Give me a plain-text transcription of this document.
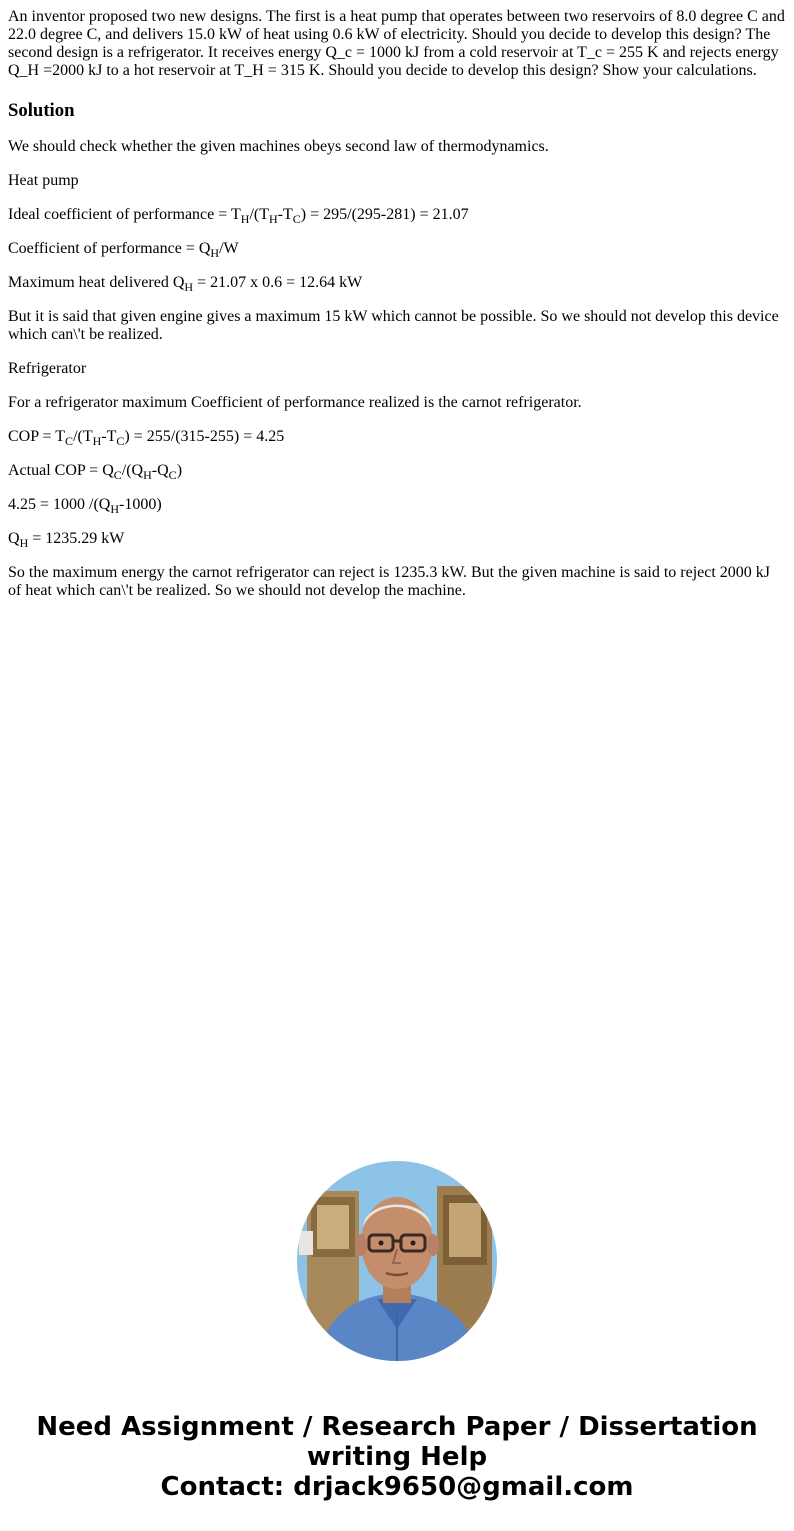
An inventor proposed two new designs. The first is a heat pump that operates between two reservoirs of 8.0 degree C and 22.0 degree C, and delivers 15.0 kW of heat using 0.6 kW of electricity. Should you decide to develop this design? The second design is a refrigerator. It receives energy Q_c = 1000 kJ from a cold reservoir at T_c = 255 K and rejects energy Q_H =2000 kJ to a hot reservoir at T_H = 315 K. Should you decide to develop this design? Show your calculations.

Solution

We should check whether the given machines obeys second law of thermodynamics.

Heat pump

Ideal coefficient of performance = $T_H/(T_H-T_C) = 295/(295-281) = 21.07$

Coefficient of performance = $Q_H/W$

Maximum heat delivered $Q_H = 21.07$ x 0.6 = 12.64 kW

But it is said that given engine gives a maximum 15 kW which cannot be possible. So we should not develop this device which can\'t be realized.

Refrigerator

For a refrigerator maximum Coefficient of performance realized is the carnot refrigerator.

COP = $T_C/(T_H-T_C) = 255/(315-255) = 4.25$

Actual COP = $Q_C/(Q_H-Q_C)$

4.25 = 1000 $/(Q_H-1000)$

$Q_H = 1235.29$ kW

So the maximum energy the carnot refrigerator can reject is 1235.3 kW. But the given machine is said to reject 2000 kJ of heat which can\'t be realized. So we should not develop the machine.

Need Assignment / Research Paper / Dissertation
writing Help
Contact: drjack9650@gmail.com
